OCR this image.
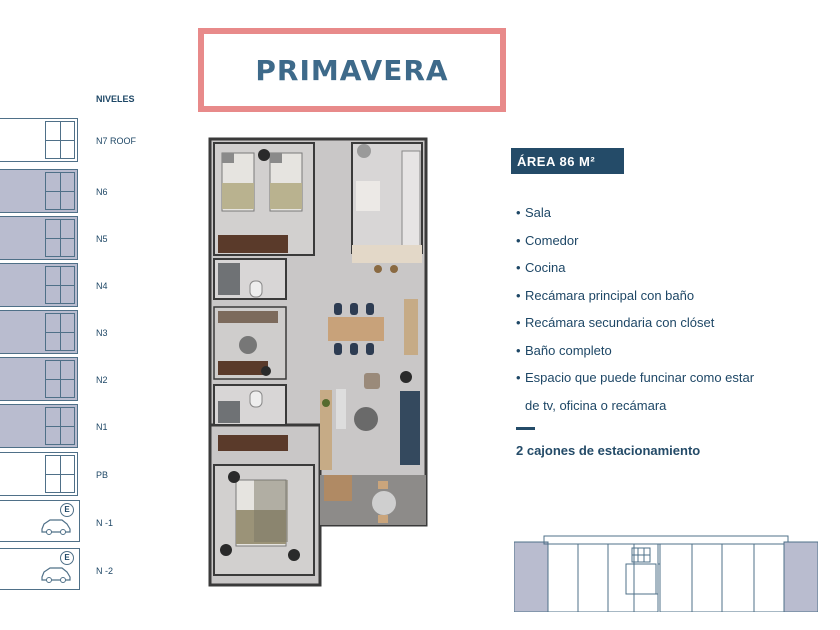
PRIMAVERA
NIVELES
N7 ROOF
N6
N5
N4
N3
N2
N1
PB
E
N -1
E
N -2
ÁREA 86 M²
• Sala
• Comedor
• Cocina
• Recámara principal con baño
• Recámara secundaria con clóset
• Baño completo
• Espacio que puede funcinar como estar
de tv, oficina o recámara
2 cajones de estacionamiento
